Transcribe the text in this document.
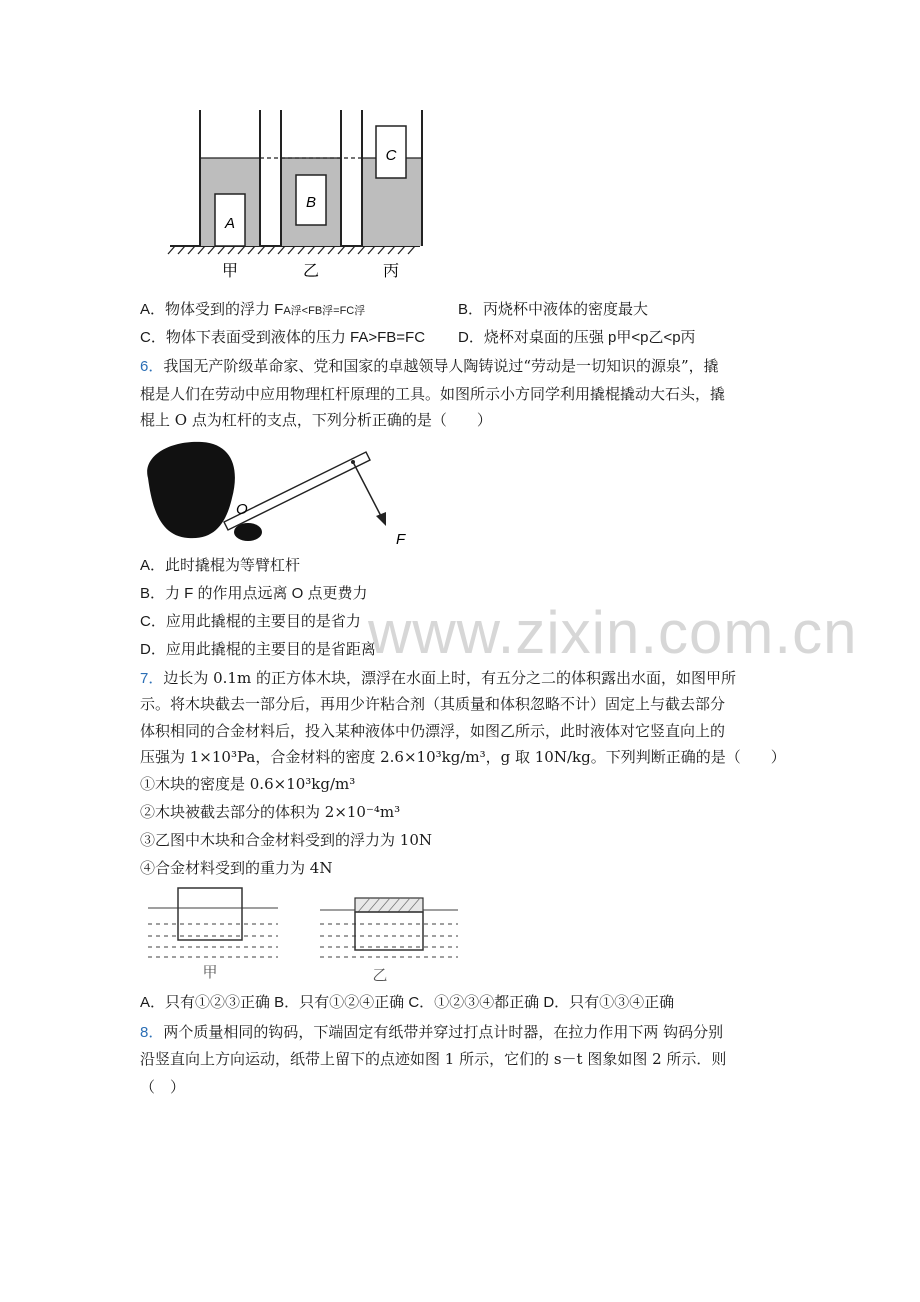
A
B
C
甲	乙	丙
A．物体受到的浮力 FA浮<FB浮=FC浮	B．丙烧杯中液体的密度最大
C．物体下表面受到液体的压力 FA>FB=FC D．烧杯对桌面的压强 p甲<p乙<p丙
6．我国无产阶级革命家、党和国家的卓越领导人陶铸说过“劳动是一切知识的源泉”，撬
棍是人们在劳动中应用物理杠杆原理的工具。如图所示小方同学利用撬棍撬动大石头，撬
棍上 O 点为杠杆的支点，下列分析正确的是（　　）
O
F
A．此时撬棍为等臂杠杆
B．力 F 的作用点远离 O 点更费力
C．应用此撬棍的主要目的是省力
D．应用此撬棍的主要目的是省距离
www.zixin.com.cn
7．边长为 0.1m 的正方体木块，漂浮在水面上时，有五分之二的体积露出水面，如图甲所
示。将木块截去一部分后，再用少许粘合剂（其质量和体积忽略不计）固定上与截去部分
体积相同的合金材料后，投入某种液体中仍漂浮，如图乙所示，此时液体对它竖直向上的
压强为 1×10³Pa，合金材料的密度 2.6×10³kg/m³，g 取 10N/kg。下列判断正确的是（　　）
①木块的密度是 0.6×10³kg/m³
②木块被截去部分的体积为 2×10⁻⁴m³
③乙图中木块和合金材料受到的浮力为 10N
④合金材料受到的重力为 4N
甲	乙
A．只有①②③正确 B．只有①②④正确 C．①②③④都正确 D．只有①③④正确
8．两个质量相同的钩码，下端固定有纸带并穿过打点计时器，在拉力作用下两 钩码分别
沿竖直向上方向运动，纸带上留下的点迹如图 1 所示，它们的 s－t 图象如图 2 所示．则
（　）
